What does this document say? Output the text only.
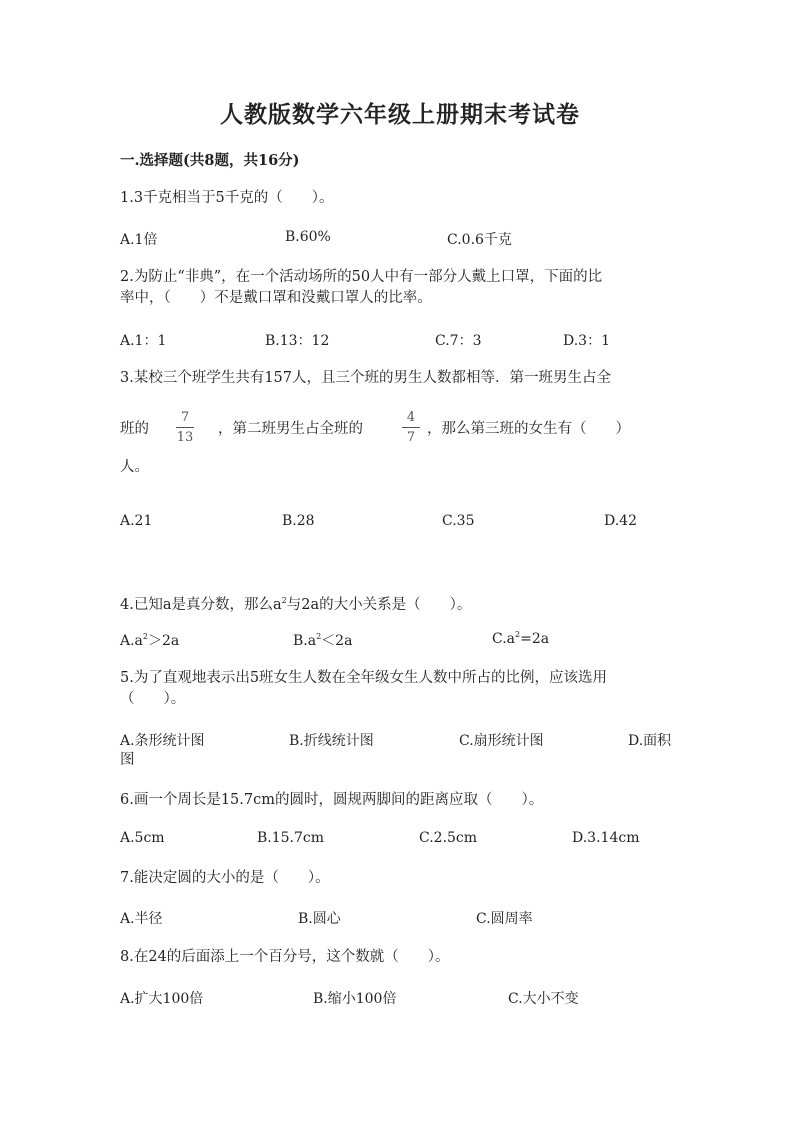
人教版数学六年级上册期末考试卷
一.选择题(共8题，共16分)
1.3千克相当于5千克的（　　）。
A.1倍	B.60%	C.0.6千克
2.为防止“非典”，在一个活动场所的50人中有一部分人戴上口罩，下面的比
率中，（　　）不是戴口罩和没戴口罩人的比率。
A.1：1	B.13：12	C.7：3	D.3：1
3.某校三个班学生共有157人，且三个班的男生人数都相等．第一班男生占全
班的
7
13
，第二班男生占全班的
4
7
，那么第三班的女生有（　　）
人。
A.21	B.28	C.35	D.42
4.已知a是真分数，那么$a^2$与2a的大小关系是（　　）。
$A.a^2>2a$	$B.a^2<2a$	$C.a^2=2a$
5.为了直观地表示出5班女生人数在全年级女生人数中所占的比例，应该选用
（　　）。
A.条形统计图	B.折线统计图	C.扇形统计图	D.面积
图
6.画一个周长是15.7cm的圆时，圆规两脚间的距离应取（　　）。
A.5cm	B.15.7cm	C.2.5cm	D.3.14cm
7.能决定圆的大小的是（　　）。
A.半径	B.圆心	C.圆周率
8.在24的后面添上一个百分号，这个数就（　　）。
A.扩大100倍	B.缩小100倍	C.大小不变
